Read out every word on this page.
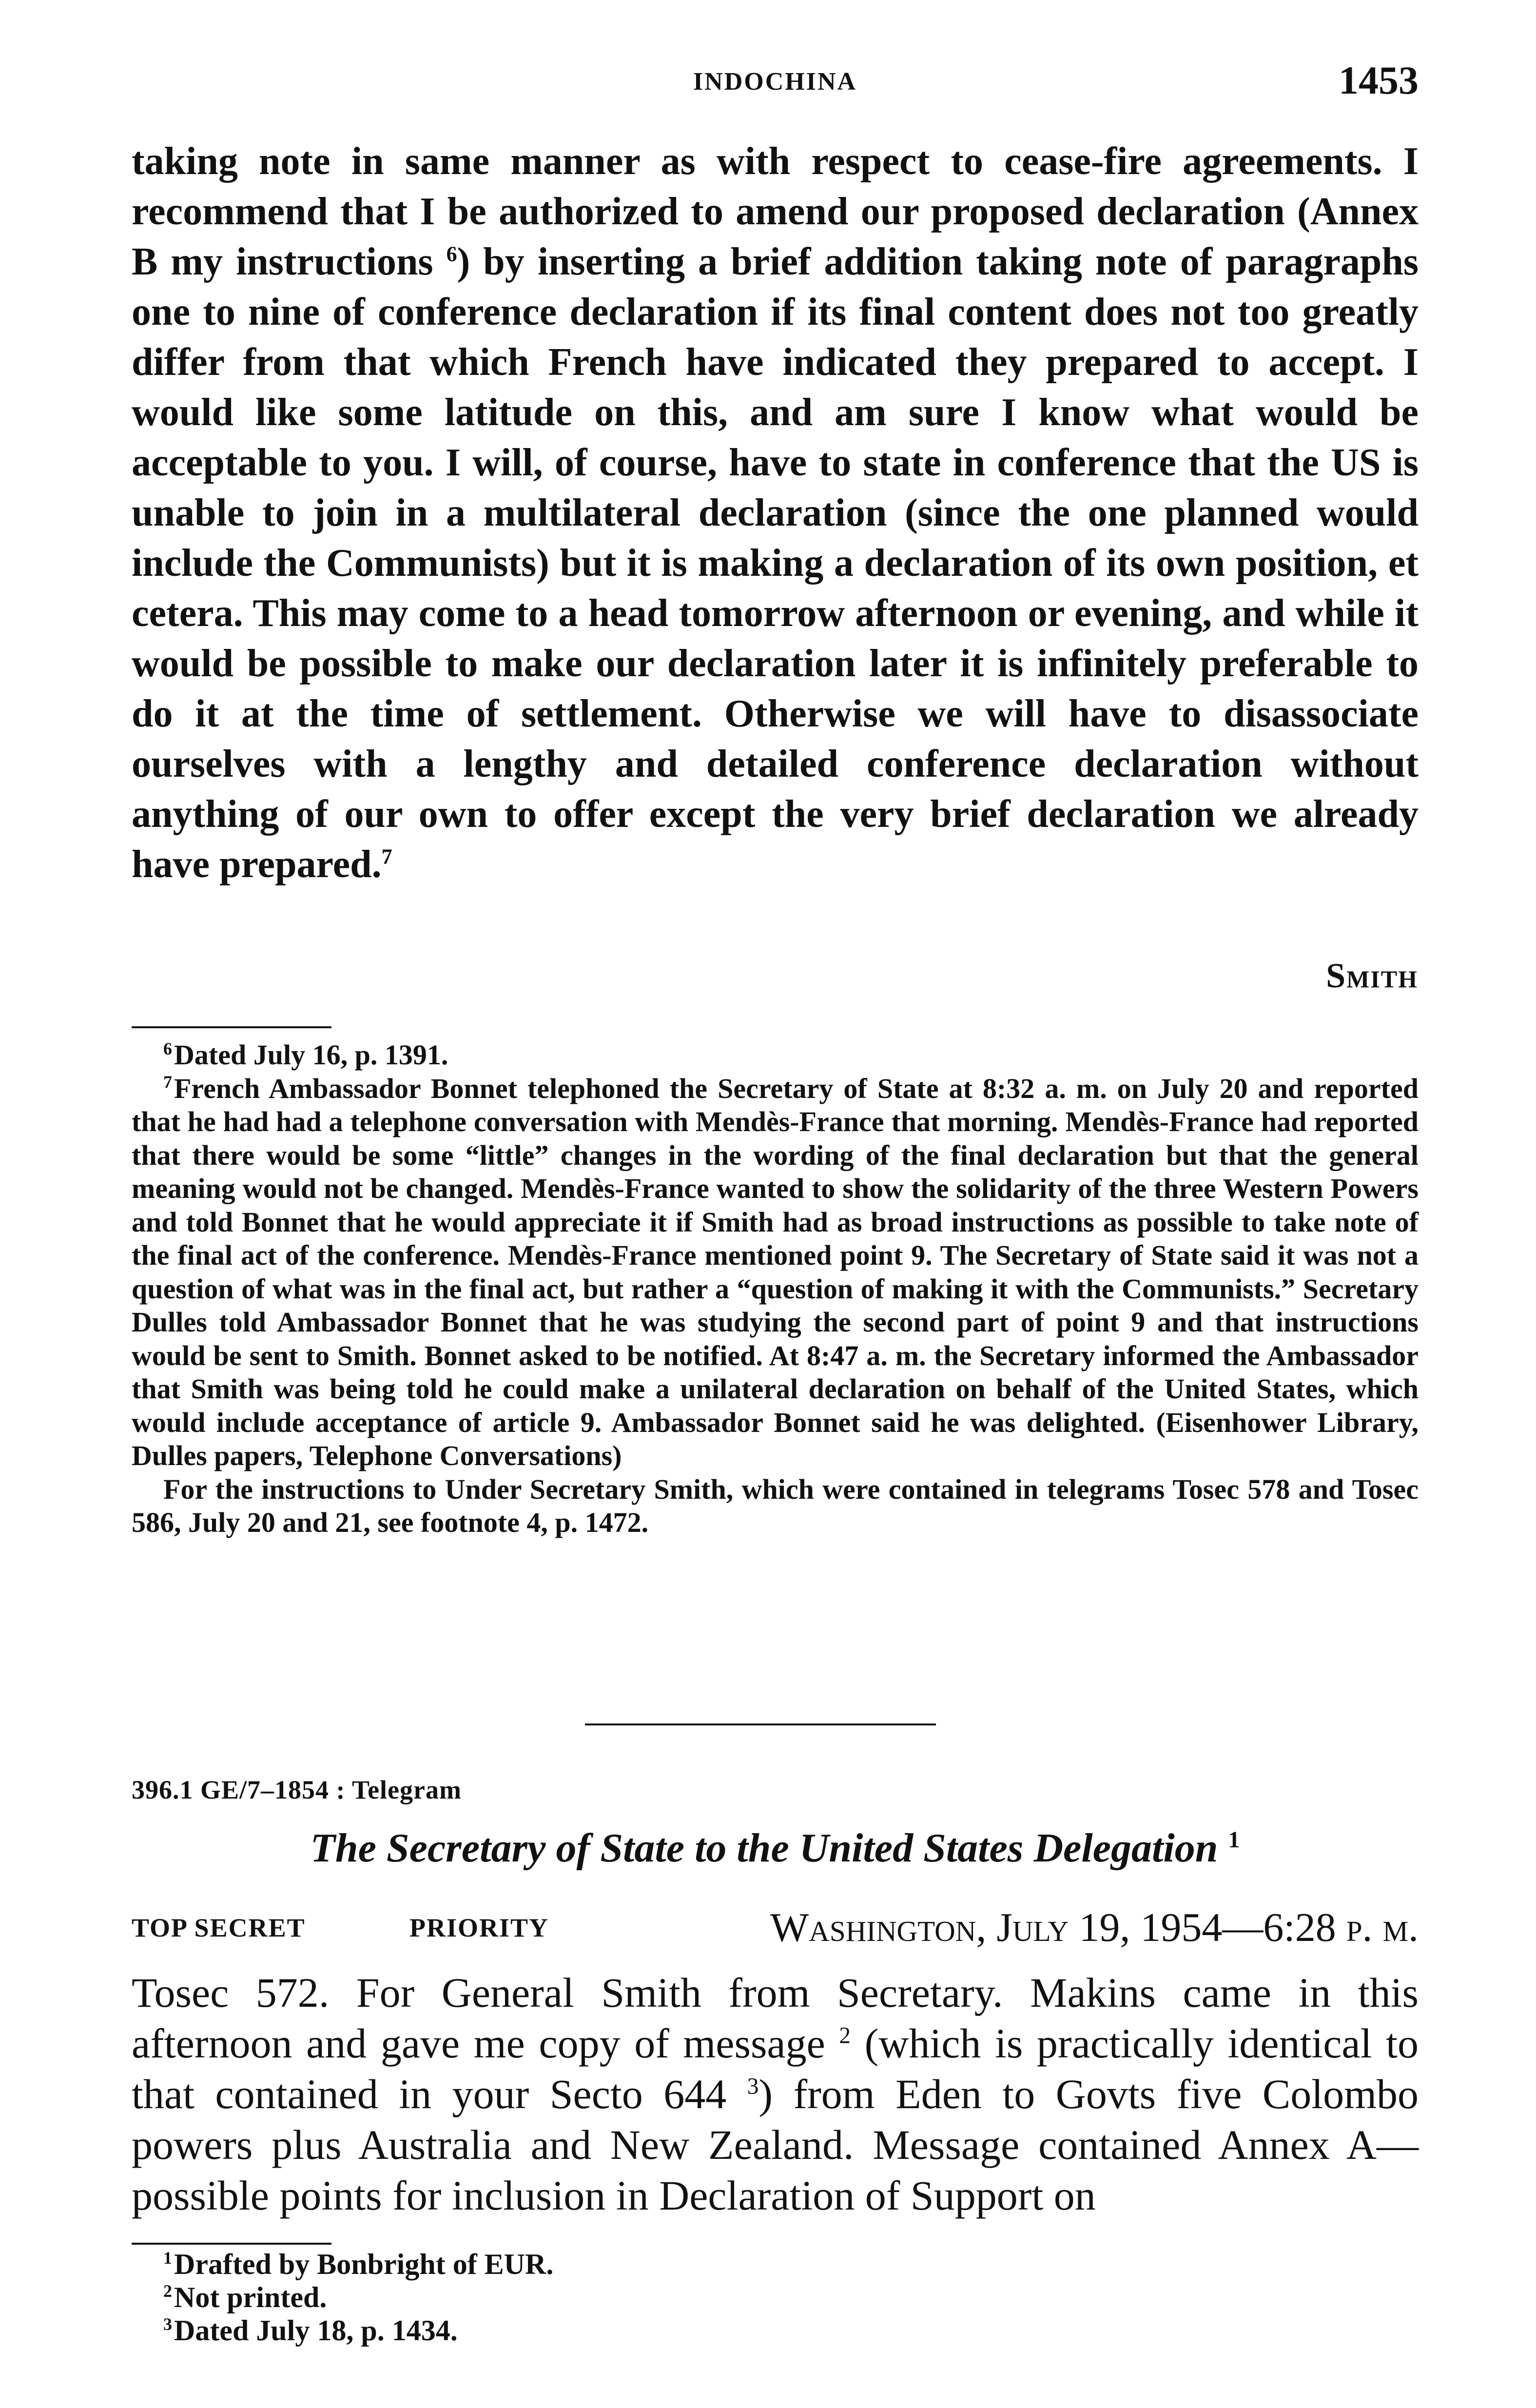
INDOCHINA	1453

taking note in same manner as with respect to cease-fire agreements. I recommend that I be authorized to amend our proposed declaration (Annex B my instructions $^6$) by inserting a brief addition taking note of paragraphs one to nine of conference declaration if its final content does not too greatly differ from that which French have indicated they prepared to accept. I would like some latitude on this, and am sure I know what would be acceptable to you. I will, of course, have to state in conference that the US is unable to join in a multilateral declaration (since the one planned would include the Communists) but it is making a declaration of its own position, et cetera. This may come to a head tomorrow afternoon or evening, and while it would be possible to make our declaration later it is infinitely preferable to do it at the time of settlement. Otherwise we will have to disassociate ourselves with a lengthy and detailed conference declaration without anything of our own to offer except the very brief declaration we already have prepared.$^7$

Smith

$^6$Dated July 16, p. 1391.

$^7$French Ambassador Bonnet telephoned the Secretary of State at 8:32 a. m. on July 20 and reported that he had had a telephone conversation with Mendès-France that morning. Mendès-France had reported that there would be some “little” changes in the wording of the final declaration but that the general meaning would not be changed. Mendès-France wanted to show the solidarity of the three Western Powers and told Bonnet that he would appreciate it if Smith had as broad instructions as possible to take note of the final act of the conference. Mendès-France mentioned point 9. The Secretary of State said it was not a question of what was in the final act, but rather a “question of making it with the Communists.” Secretary Dulles told Ambassador Bonnet that he was studying the second part of point 9 and that instructions would be sent to Smith. Bonnet asked to be notified. At 8:47 a. m. the Secretary informed the Ambassador that Smith was being told he could make a unilateral declaration on behalf of the United States, which would include acceptance of article 9. Ambassador Bonnet said he was delighted. (Eisenhower Library, Dulles papers, Telephone Conversations)

For the instructions to Under Secretary Smith, which were contained in telegrams Tosec 578 and Tosec 586, July 20 and 21, see footnote 4, p. 1472.

396.1 GE/7–1854 : Telegram
The Secretary of State to the United States Delegation $^1$
TOP SECRET	PRIORITY	Washington, July 19, 1954—6:28 p. m.

Tosec 572. For General Smith from Secretary. Makins came in this afternoon and gave me copy of message $^2$ (which is practically identical to that contained in your Secto 644 $^3$) from Eden to Govts five Colombo powers plus Australia and New Zealand. Message contained Annex A—possible points for inclusion in Declaration of Support on

$^1$Drafted by Bonbright of EUR.

$^2$Not printed.

$^3$Dated July 18, p. 1434.
